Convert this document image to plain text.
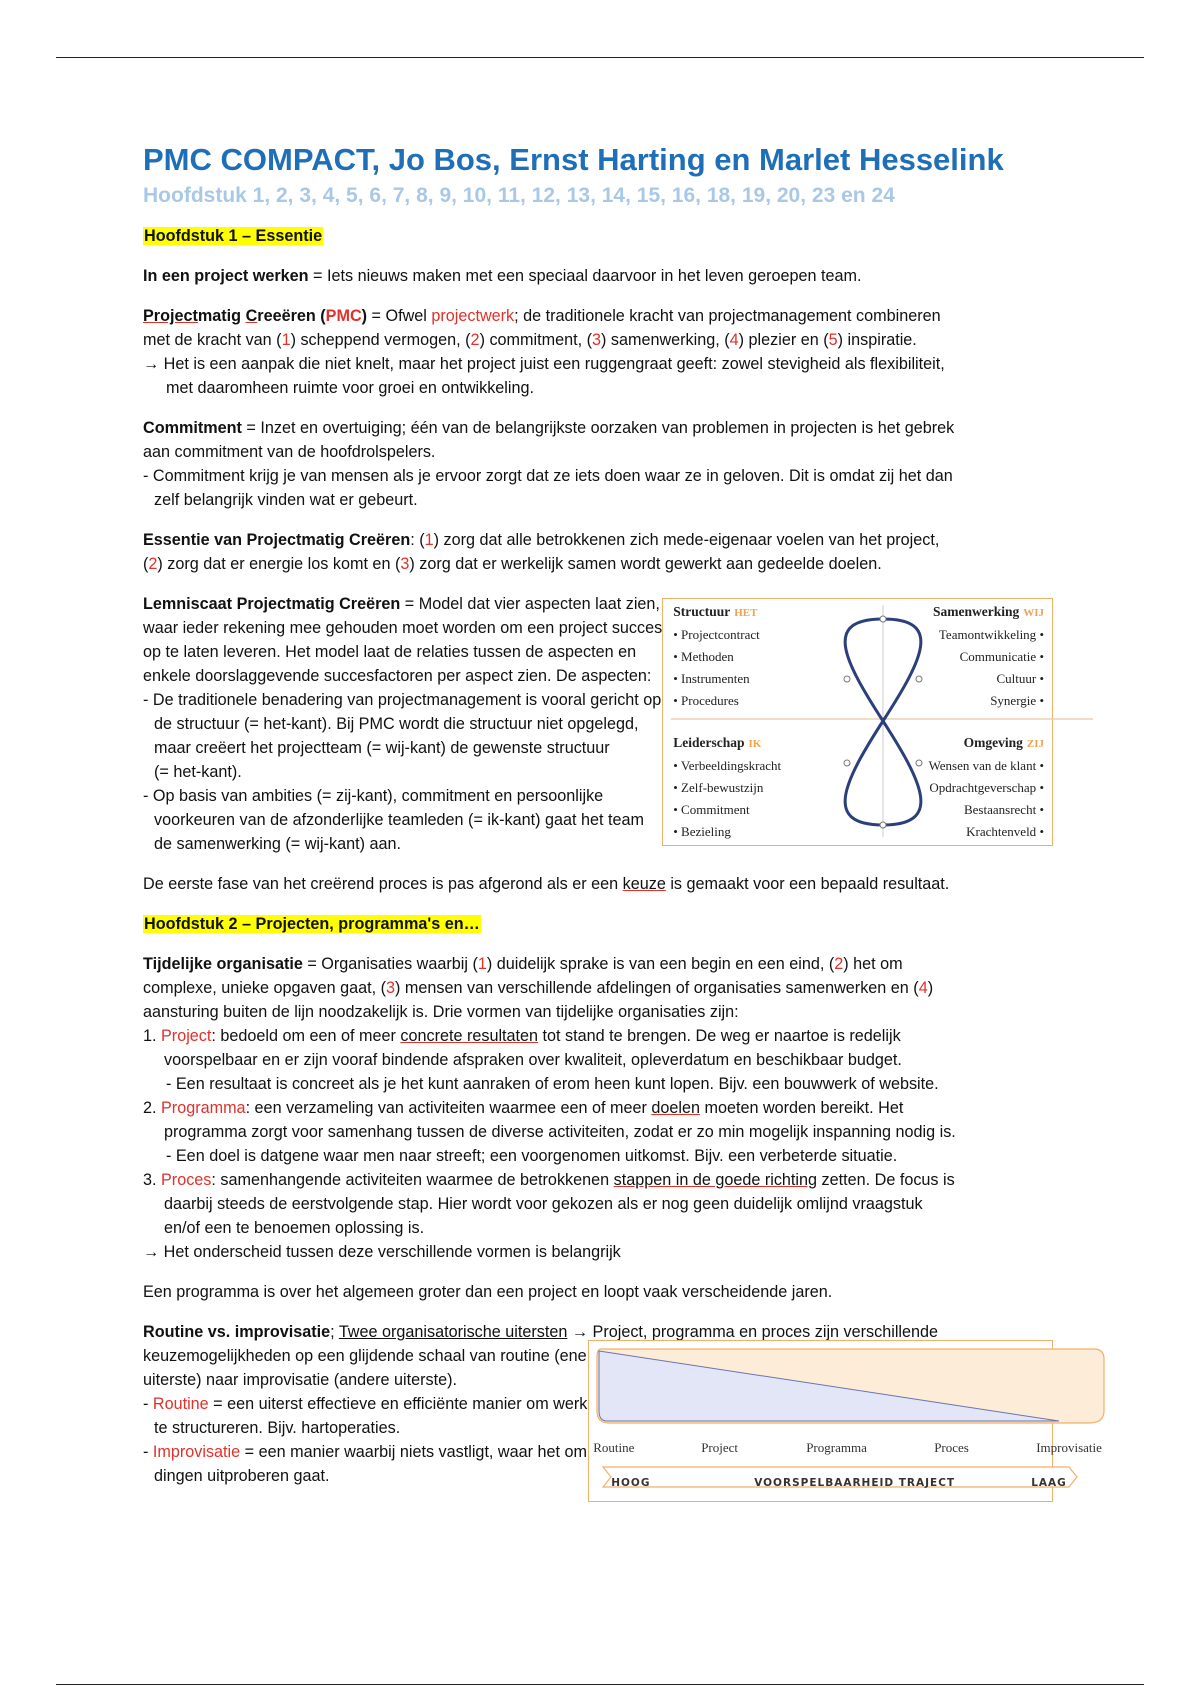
PMC COMPACT, Jo Bos, Ernst Harting en Marlet Hesselink
Hoofdstuk 1, 2, 3, 4, 5, 6, 7, 8, 9, 10, 11, 12, 13, 14, 15, 16, 18, 19, 20, 23 en 24

Hoofdstuk 1 – Essentie

In een project werken = Iets nieuws maken met een speciaal daarvoor in het leven geroepen team.

Projectmatig Creeëren (PMC) = Ofwel projectwerk; de traditionele kracht van projectmanagement combineren
met de kracht van (1) scheppend vermogen, (2) commitment, (3) samenwerking, (4) plezier en (5) inspiratie.
→ Het is een aanpak die niet knelt, maar het project juist een ruggengraat geeft: zowel stevigheid als flexibiliteit,
met daaromheen ruimte voor groei en ontwikkeling.
Commitment = Inzet en overtuiging; één van de belangrijkste oorzaken van problemen in projecten is het gebrek
aan commitment van de hoofdrolspelers.
- Commitment krijg je van mensen als je ervoor zorgt dat ze iets doen waar ze in geloven. Dit is omdat zij het dan
zelf belangrijk vinden wat er gebeurt.
Essentie van Projectmatig Creëren: (1) zorg dat alle betrokkenen zich mede-eigenaar voelen van het project,
(2) zorg dat er energie los komt en (3) zorg dat er werkelijk samen wordt gewerkt aan gedeelde doelen.
Lemniscaat Projectmatig Creëren = Model dat vier aspecten laat zien,
waar ieder rekening mee gehouden moet worden om een project succes
op te laten leveren. Het model laat de relaties tussen de aspecten en
enkele doorslaggevende succesfactoren per aspect zien. De aspecten:
- De traditionele benadering van projectmanagement is vooral gericht op
de structuur (= het-kant). Bij PMC wordt die structuur niet opgelegd,
maar creëert het projectteam (= wij-kant) de gewenste structuur
(= het-kant).
- Op basis van ambities (= zij-kant), commitment en persoonlijke
voorkeuren van de afzonderlijke teamleden (= ik-kant) gaat het team
de samenwerking (= wij-kant) aan.
Structuur HET
• Projectcontract
• Methoden
• Instrumenten
• Procedures
Samenwerking WIJ
Teamontwikkeling •
Communicatie •
Cultuur •
Synergie •
Leiderschap IK
• Verbeeldingskracht
• Zelf-bewustzijn
• Commitment
• Bezieling
Omgeving ZIJ
Wensen van de klant •
Opdrachtgeverschap •
Bestaansrecht •
Krachtenveld •

De eerste fase van het creërend proces is pas afgerond als er een keuze is gemaakt voor een bepaald resultaat.

Hoofdstuk 2 – Projecten, programma's en…

Tijdelijke organisatie = Organisaties waarbij (1) duidelijk sprake is van een begin en een eind, (2) het om
complexe, unieke opgaven gaat, (3) mensen van verschillende afdelingen of organisaties samenwerken en (4)
aansturing buiten de lijn noodzakelijk is. Drie vormen van tijdelijke organisaties zijn:
1. Project: bedoeld om een of meer concrete resultaten tot stand te brengen. De weg er naartoe is redelijk
voorspelbaar en er zijn vooraf bindende afspraken over kwaliteit, opleverdatum en beschikbaar budget.
- Een resultaat is concreet als je het kunt aanraken of erom heen kunt lopen. Bijv. een bouwwerk of website.
2. Programma: een verzameling van activiteiten waarmee een of meer doelen moeten worden bereikt. Het
programma zorgt voor samenhang tussen de diverse activiteiten, zodat er zo min mogelijk inspanning nodig is.
- Een doel is datgene waar men naar streeft; een voorgenomen uitkomst. Bijv. een verbeterde situatie.
3. Proces: samenhangende activiteiten waarmee de betrokkenen stappen in de goede richting zetten. De focus is
daarbij steeds de eerstvolgende stap. Hier wordt voor gekozen als er nog geen duidelijk omlijnd vraagstuk
en/of een te benoemen oplossing is.
→ Het onderscheid tussen deze verschillende vormen is belangrijk

Een programma is over het algemeen groter dan een project en loopt vaak verscheidende jaren.

Routine vs. improvisatie; Twee organisatorische uitersten → Project, programma en proces zijn verschillende
keuzemogelijkheden op een glijdende schaal van routine (ene
uiterste) naar improvisatie (andere uiterste).
- Routine = een uiterst effectieve en efficiënte manier om werk
te structureren. Bijv. hartoperaties.
- Improvisatie = een manier waarbij niets vastligt, waar het om
dingen uitproberen gaat.
Routine	Project	Programma	Proces	Improvisatie
HOOG	VOORSPELBAARHEID TRAJECT	LAAG
